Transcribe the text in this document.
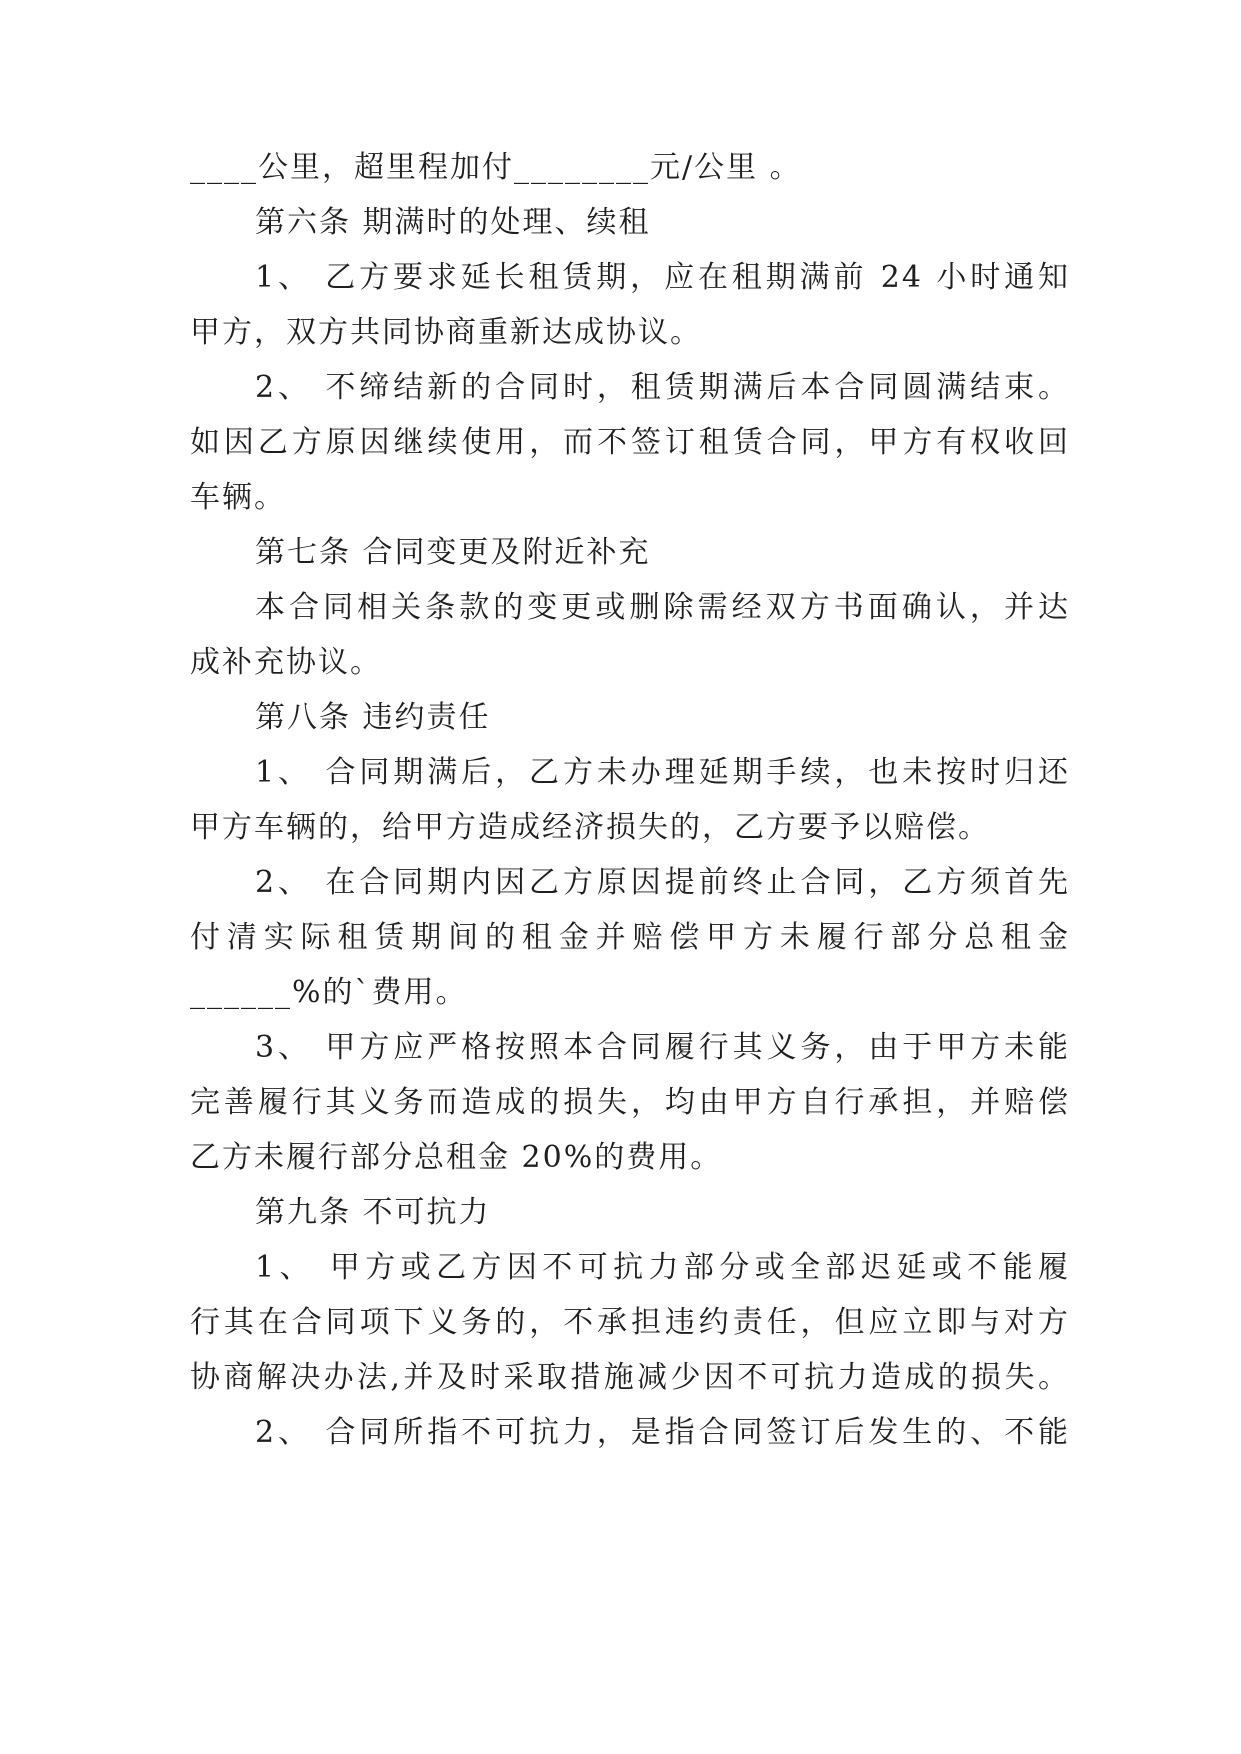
____公里，超里程加付________元/公里 。
第六条 期满时的处理、续租
1、 乙方要求延长租赁期，应在租期满前 24 小时通知
甲方，双方共同协商重新达成协议。
2、 不缔结新的合同时，租赁期满后本合同圆满结束。
如因乙方原因继续使用，而不签订租赁合同，甲方有权收回
车辆。
第七条 合同变更及附近补充
本合同相关条款的变更或删除需经双方书面确认，并达
成补充协议。
第八条 违约责任
1、 合同期满后，乙方未办理延期手续，也未按时归还
甲方车辆的，给甲方造成经济损失的，乙方要予以赔偿。
2、 在合同期内因乙方原因提前终止合同，乙方须首先
付清实际租赁期间的租金并赔偿甲方未履行部分总租金
______%的`费用。
3、 甲方应严格按照本合同履行其义务，由于甲方未能
完善履行其义务而造成的损失，均由甲方自行承担，并赔偿
乙方未履行部分总租金 20%的费用。
第九条 不可抗力
1、 甲方或乙方因不可抗力部分或全部迟延或不能履
行其在合同项下义务的，不承担违约责任，但应立即与对方
协商解决办法,并及时采取措施减少因不可抗力造成的损失。
2、 合同所指不可抗力，是指合同签订后发生的、不能
